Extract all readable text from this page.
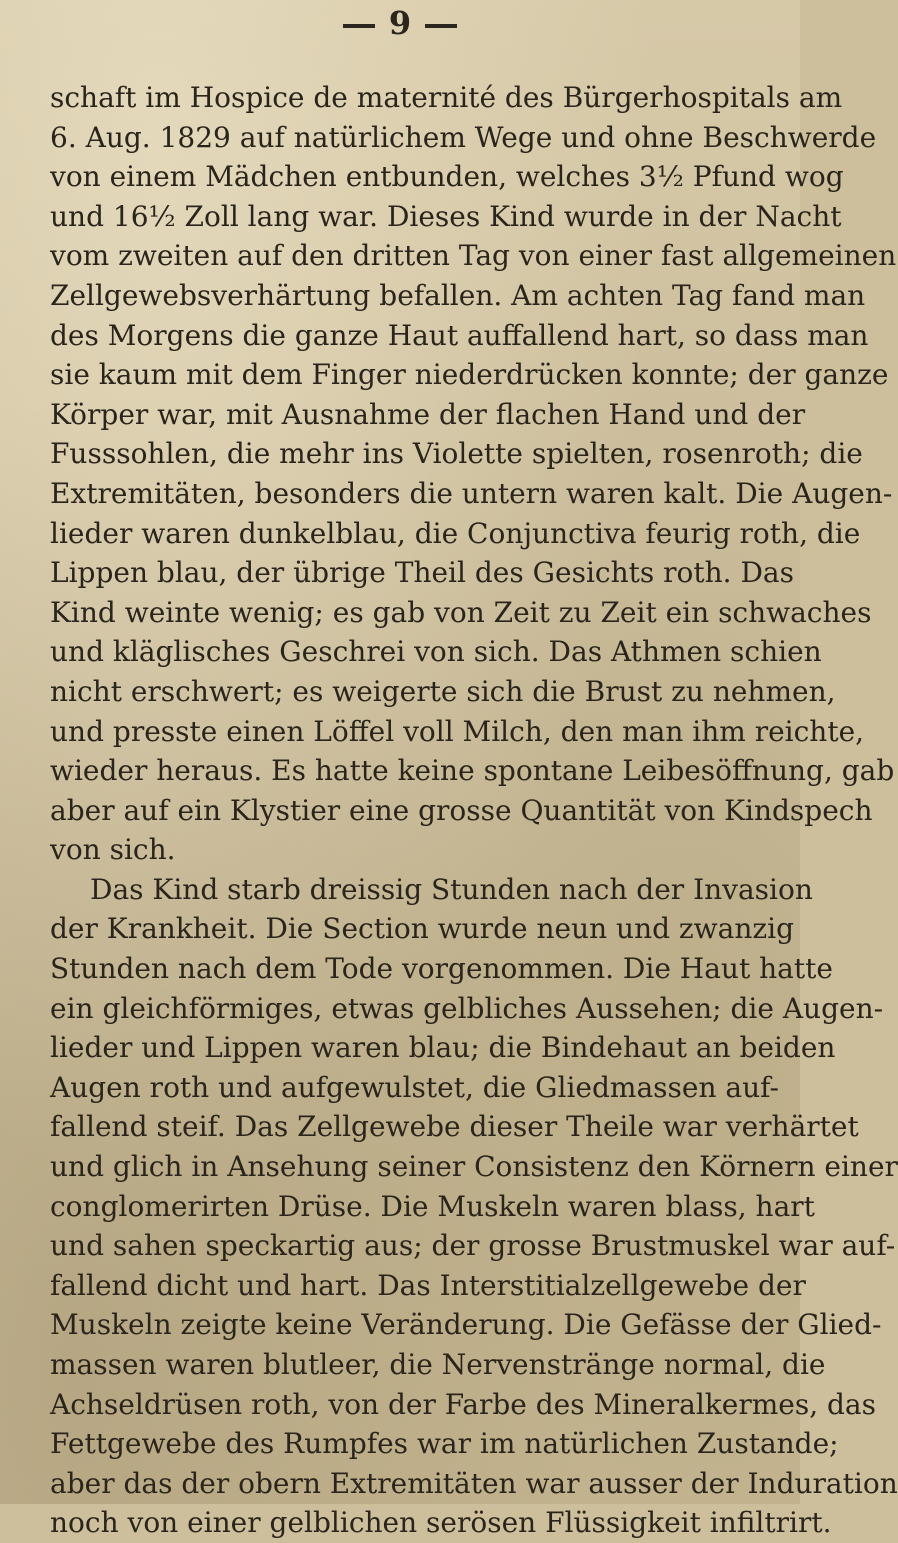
9
schaft im Hospice de maternité des Bürgerhospitals am
6. Aug. 1829 auf natürlichem Wege und ohne Beschwerde
von einem Mädchen entbunden, welches 3½ Pfund wog
und 16½ Zoll lang war. Dieses Kind wurde in der Nacht
vom zweiten auf den dritten Tag von einer fast allgemeinen
Zellgewebsverhärtung befallen. Am achten Tag fand man
des Morgens die ganze Haut auffallend hart, so dass man
sie kaum mit dem Finger niederdrücken konnte; der ganze
Körper war, mit Ausnahme der flachen Hand und der
Fusssohlen, die mehr ins Violette spielten, rosenroth; die
Extremitäten, besonders die untern waren kalt. Die Augen-
lieder waren dunkelblau, die Conjunctiva feurig roth, die
Lippen blau, der übrige Theil des Gesichts roth. Das
Kind weinte wenig; es gab von Zeit zu Zeit ein schwaches
und kläglisches Geschrei von sich. Das Athmen schien
nicht erschwert; es weigerte sich die Brust zu nehmen,
und presste einen Löffel voll Milch, den man ihm reichte,
wieder heraus. Es hatte keine spontane Leibesöffnung, gab
aber auf ein Klystier eine grosse Quantität von Kindspech
von sich.
Das Kind starb dreissig Stunden nach der Invasion
der Krankheit. Die Section wurde neun und zwanzig
Stunden nach dem Tode vorgenommen. Die Haut hatte
ein gleichförmiges, etwas gelbliches Aussehen; die Augen-
lieder und Lippen waren blau; die Bindehaut an beiden
Augen roth und aufgewulstet, die Gliedmassen auf-
fallend steif. Das Zellgewebe dieser Theile war verhärtet
und glich in Ansehung seiner Consistenz den Körnern einer
conglomerirten Drüse. Die Muskeln waren blass, hart
und sahen speckartig aus; der grosse Brustmuskel war auf-
fallend dicht und hart. Das Interstitialzellgewebe der
Muskeln zeigte keine Veränderung. Die Gefässe der Glied-
massen waren blutleer, die Nervenstränge normal, die
Achseldrüsen roth, von der Farbe des Mineralkermes, das
Fettgewebe des Rumpfes war im natürlichen Zustande;
aber das der obern Extremitäten war ausser der Induration
noch von einer gelblichen serösen Flüssigkeit infiltrirt.
